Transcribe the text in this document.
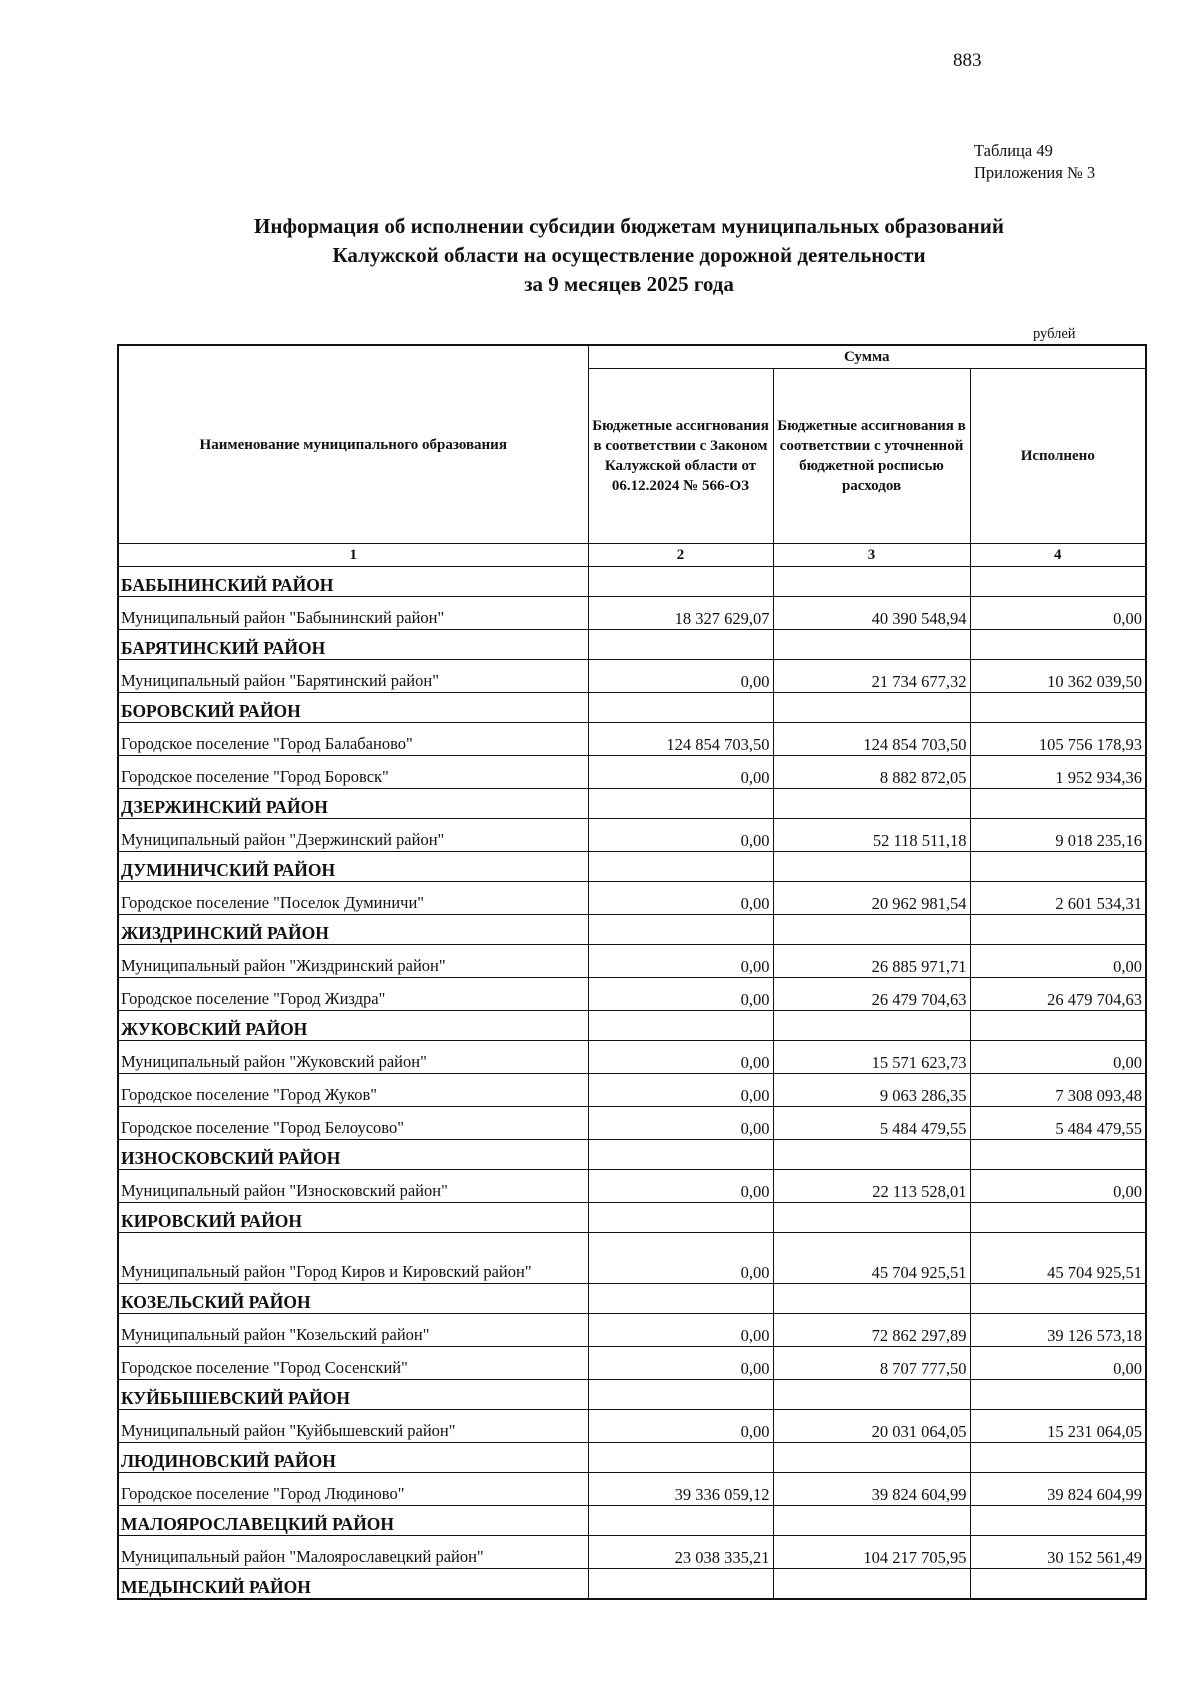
883
Таблица 49
Приложения № 3
Информация об исполнении субсидии бюджетам муниципальных образований
Калужской области на осуществление дорожной деятельности
за 9 месяцев 2025 года
рублей
Наименование муниципального образования	Сумма		
	Бюджетные ассигнования в соответствии с Законом Калужской области от 06.12.2024 № 566-ОЗ	Бюджетные ассигнования в соответствии с уточненной бюджетной росписью расходов	Исполнено
1	2	3	4
БАБЫНИНСКИЙ РАЙОН			
Муниципальный район "Бабынинский район"	18 327 629,07	40 390 548,94	0,00
БАРЯТИНСКИЙ РАЙОН			
Муниципальный район "Барятинский район"	0,00	21 734 677,32	10 362 039,50
БОРОВСКИЙ РАЙОН			
Городское поселение "Город Балабаново"	124 854 703,50	124 854 703,50	105 756 178,93
Городское поселение "Город Боровск"	0,00	8 882 872,05	1 952 934,36
ДЗЕРЖИНСКИЙ РАЙОН			
Муниципальный район "Дзержинский район"	0,00	52 118 511,18	9 018 235,16
ДУМИНИЧСКИЙ РАЙОН			
Городское поселение "Поселок Думиничи"	0,00	20 962 981,54	2 601 534,31
ЖИЗДРИНСКИЙ РАЙОН			
Муниципальный район "Жиздринский район"	0,00	26 885 971,71	0,00
Городское поселение "Город Жиздра"	0,00	26 479 704,63	26 479 704,63
ЖУКОВСКИЙ РАЙОН			
Муниципальный район "Жуковский район"	0,00	15 571 623,73	0,00
Городское поселение "Город Жуков"	0,00	9 063 286,35	7 308 093,48
Городское поселение "Город Белоусово"	0,00	5 484 479,55	5 484 479,55
ИЗНОСКОВСКИЙ РАЙОН			
Муниципальный район "Износковский район"	0,00	22 113 528,01	0,00
КИРОВСКИЙ РАЙОН			
Муниципальный район "Город Киров и Кировский район"	0,00	45 704 925,51	45 704 925,51
КОЗЕЛЬСКИЙ РАЙОН			
Муниципальный район "Козельский район"	0,00	72 862 297,89	39 126 573,18
Городское поселение "Город Сосенский"	0,00	8 707 777,50	0,00
КУЙБЫШЕВСКИЙ РАЙОН			
Муниципальный район "Куйбышевский район"	0,00	20 031 064,05	15 231 064,05
ЛЮДИНОВСКИЙ РАЙОН			
Городское поселение "Город Людиново"	39 336 059,12	39 824 604,99	39 824 604,99
МАЛОЯРОСЛАВЕЦКИЙ РАЙОН			
Муниципальный район "Малоярославецкий район"	23 038 335,21	104 217 705,95	30 152 561,49
МЕДЫНСКИЙ РАЙОН			
